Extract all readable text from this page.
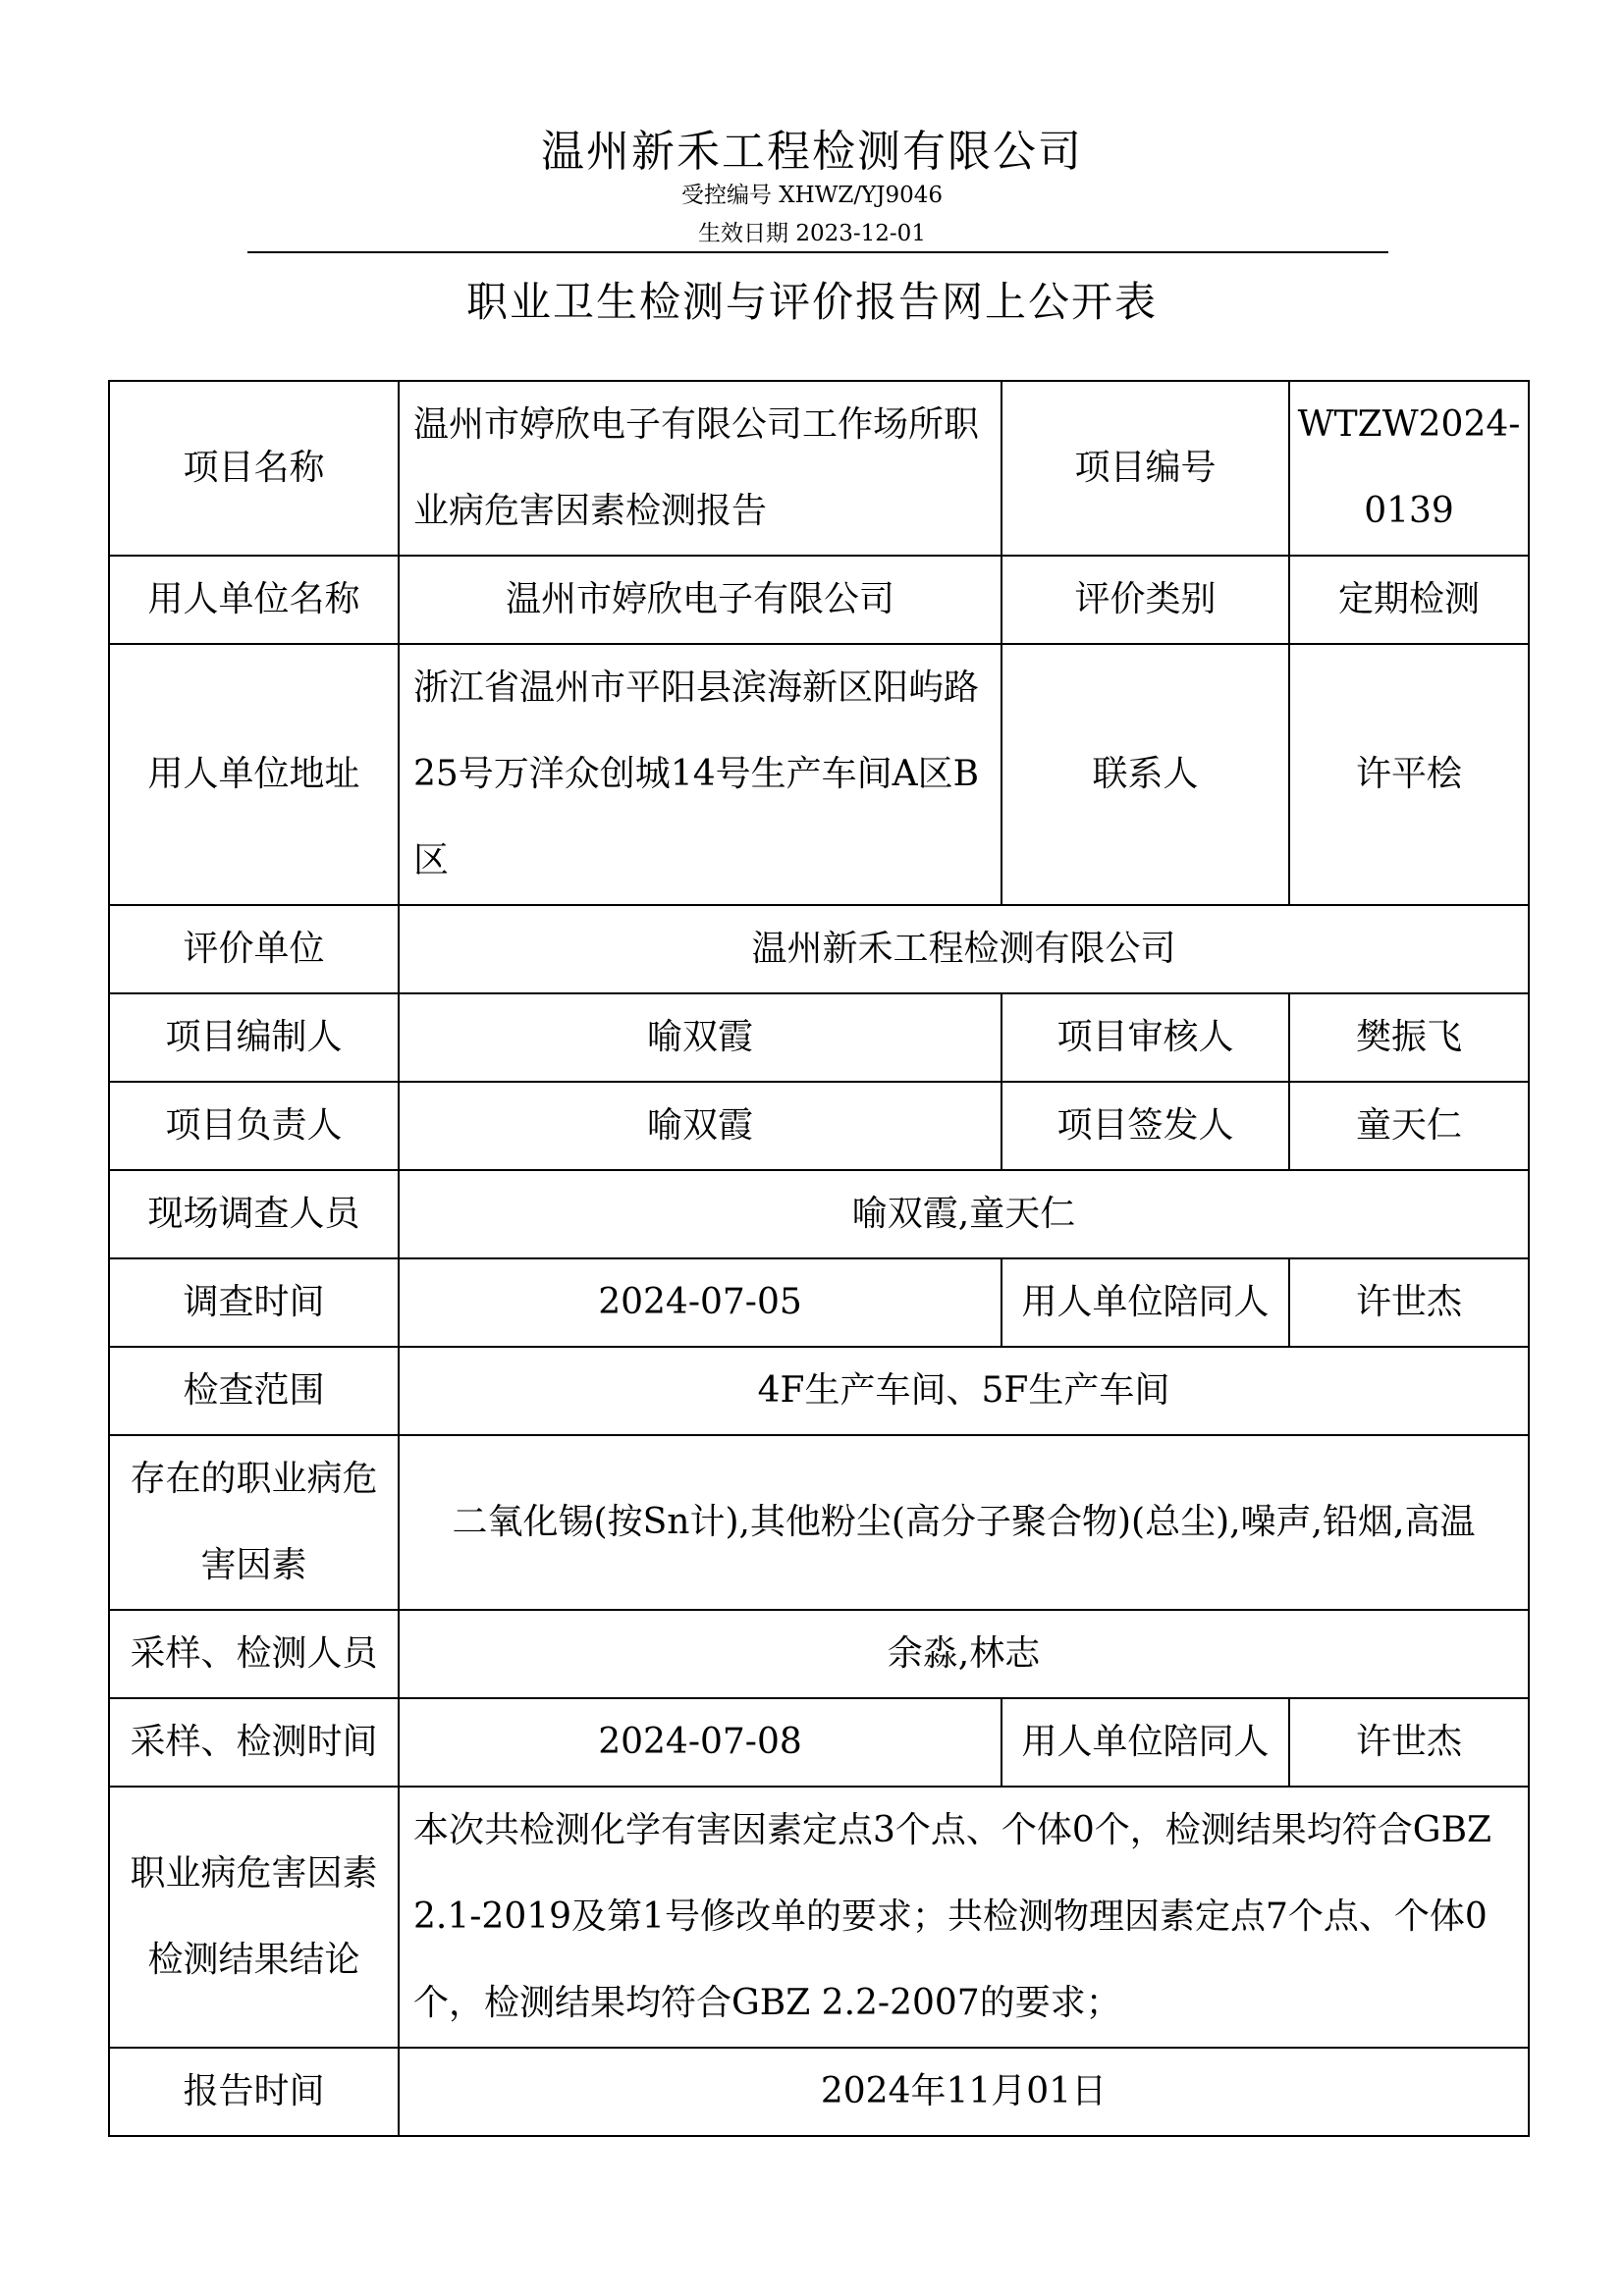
温州新禾工程检测有限公司
受控编号 XHWZ/YJ9046
生效日期 2023-12-01
职业卫生检测与评价报告网上公开表
项目名称	温州市婷欣电子有限公司工作场所职业病危害因素检测报告	项目编号	WTZW2024-0139
用人单位名称	温州市婷欣电子有限公司	评价类别	定期检测
用人单位地址	浙江省温州市平阳县滨海新区阳屿路25号万洋众创城14号生产车间A区B区	联系人	许平桧
评价单位	温州新禾工程检测有限公司		
项目编制人	喻双霞	项目审核人	樊振飞
项目负责人	喻双霞	项目签发人	童天仁
现场调查人员	喻双霞,童天仁		
调查时间	2024-07-05	用人单位陪同人	许世杰
检查范围	4F生产车间、5F生产车间		
存在的职业病危害因素	二氧化锡(按Sn计),其他粉尘(高分子聚合物)(总尘),噪声,铅烟,高温		
采样、检测人员	余淼,林志		
采样、检测时间	2024-07-08	用人单位陪同人	许世杰
职业病危害因素检测结果结论	本次共检测化学有害因素定点3个点、个体0个，检测结果均符合GBZ 2.1-2019及第1号修改单的要求；共检测物理因素定点7个点、个体0个，检测结果均符合GBZ 2.2-2007的要求；		
报告时间	2024年11月01日		
